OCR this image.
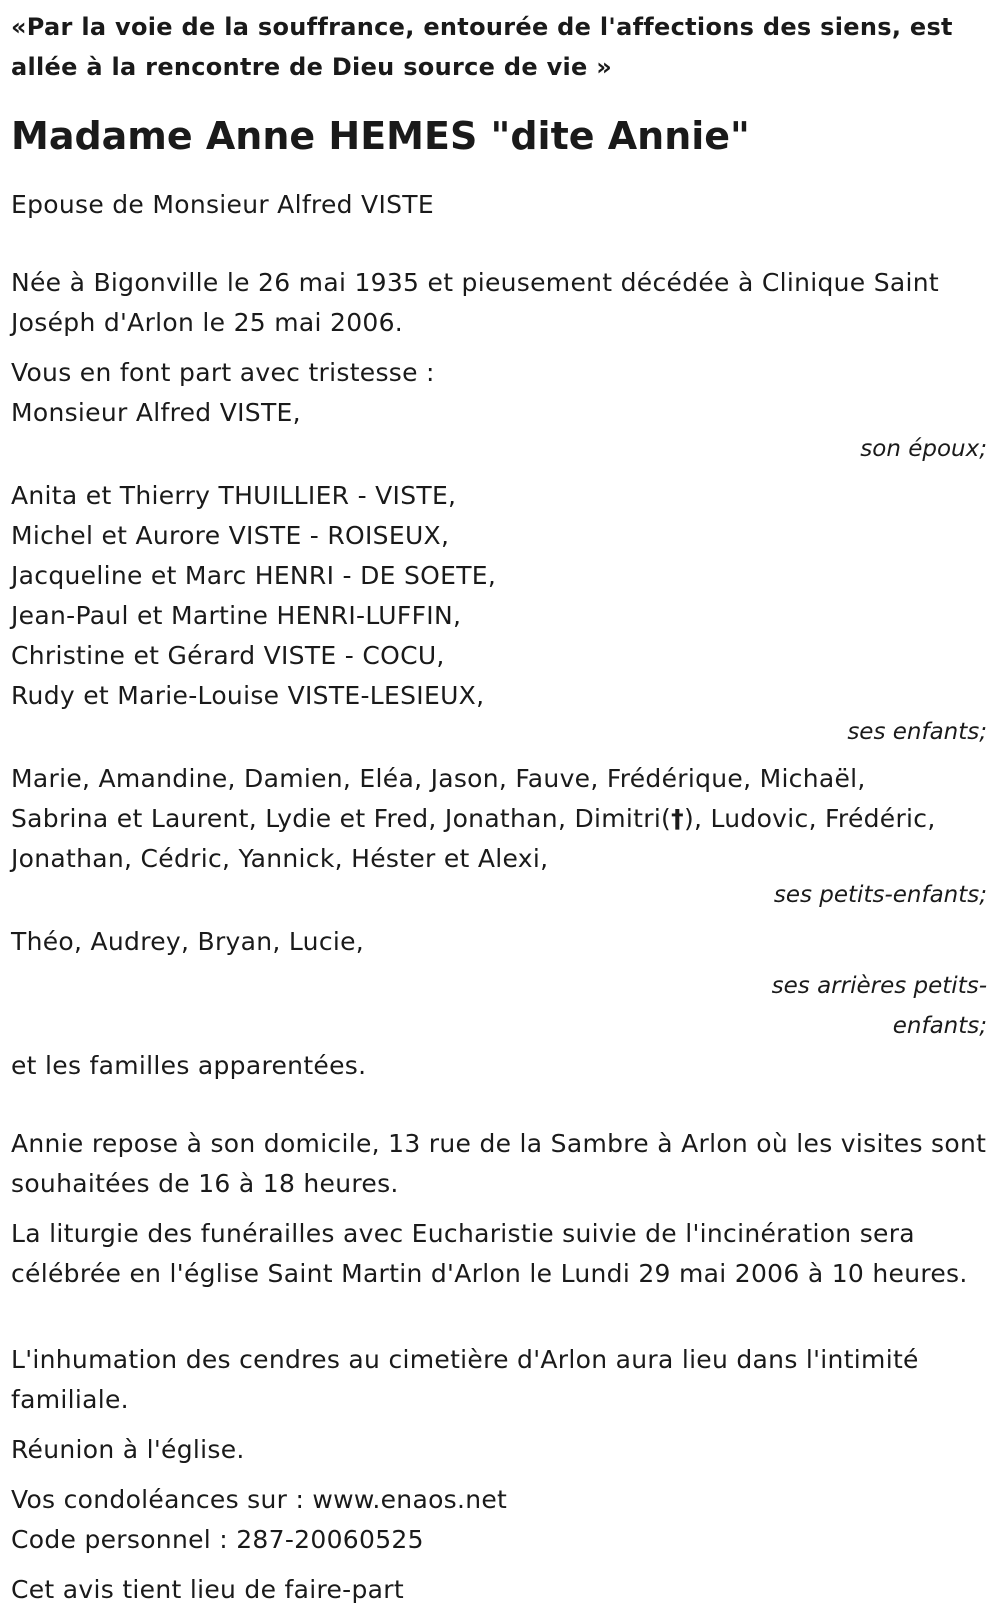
«Par la voie de la souffrance, entourée de l'affections des siens, est allée à la rencontre de Dieu source de vie »

Madame Anne HEMES "dite Annie"

Epouse de Monsieur Alfred VISTE

Née à Bigonville le 26 mai 1935 et pieusement décédée à Clinique Saint Joséph d'Arlon le 25 mai 2006.

Vous en font part avec tristesse :

Monsieur Alfred VISTE,

son époux;

Anita et Thierry THUILLIER - VISTE,

Michel et Aurore VISTE - ROISEUX,

Jacqueline et Marc HENRI - DE SOETE,

Jean-Paul et Martine HENRI-LUFFIN,

Christine et Gérard VISTE - COCU,

Rudy et Marie-Louise VISTE-LESIEUX,

ses enfants;

Marie, Amandine, Damien, Eléa, Jason, Fauve, Frédérique, Michaël,

Sabrina et Laurent, Lydie et Fred, Jonathan, Dimitri(†), Ludovic, Frédéric,

Jonathan, Cédric, Yannick, Héster et Alexi,

ses petits-enfants;

Théo, Audrey, Bryan, Lucie,

ses arrières petits-

enfants;

et les familles apparentées.

Annie repose à son domicile, 13 rue de la Sambre à Arlon où les visites sont souhaitées de 16 à 18 heures.

La liturgie des funérailles avec Eucharistie suivie de l'incinération sera célébrée en l'église Saint Martin d'Arlon le Lundi 29 mai 2006 à 10 heures.

L'inhumation des cendres au cimetière d'Arlon aura lieu dans l'intimité familiale.

Réunion à l'église.

Vos condoléances sur : www.enaos.net

Code personnel : 287-20060525

Cet avis tient lieu de faire-part
